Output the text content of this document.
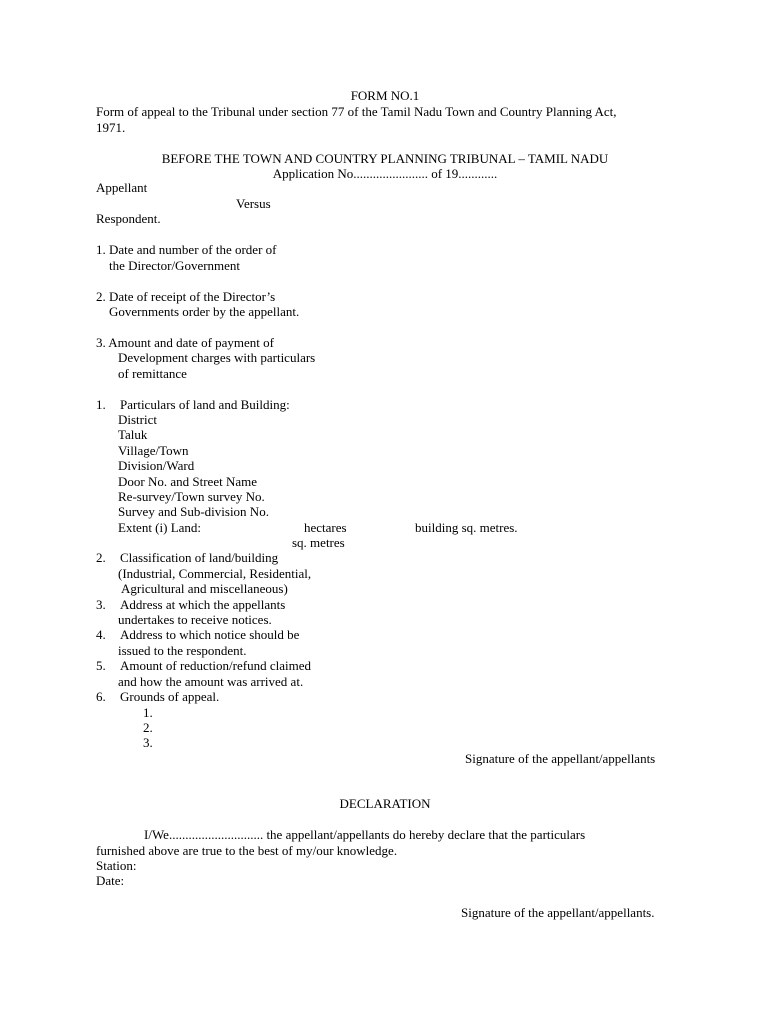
FORM NO.1
Form of appeal to the Tribunal under section 77 of the Tamil Nadu Town and Country Planning Act,
1971.
BEFORE THE TOWN AND COUNTRY PLANNING TRIBUNAL – TAMIL NADU
Application No....................... of 19............
Appellant
Versus
Respondent.
1. Date and number of the order of
the Director/Government
2. Date of receipt of the Director’s
Governments order by the appellant.
3. Amount and date of payment of
Development charges with particulars
of remittance
1. Particulars of land and Building:
District
Taluk
Village/Town
Division/Ward
Door No. and Street Name
Re-survey/Town survey No.
Survey and Sub-division No.
Extent (i) Land:	hectares	building sq. metres.
sq. metres
2. Classification of land/building
(Industrial, Commercial, Residential,
Agricultural and miscellaneous)
3. Address at which the appellants
undertakes to receive notices.
4. Address to which notice should be
issued to the respondent.
5. Amount of reduction/refund claimed
and how the amount was arrived at.
6. Grounds of appeal.
1.
2.
3.
Signature of the appellant/appellants
DECLARATION
I/We............................. the appellant/appellants do hereby declare that the particulars
furnished above are true to the best of my/our knowledge.
Station:
Date:
Signature of the appellant/appellants.
